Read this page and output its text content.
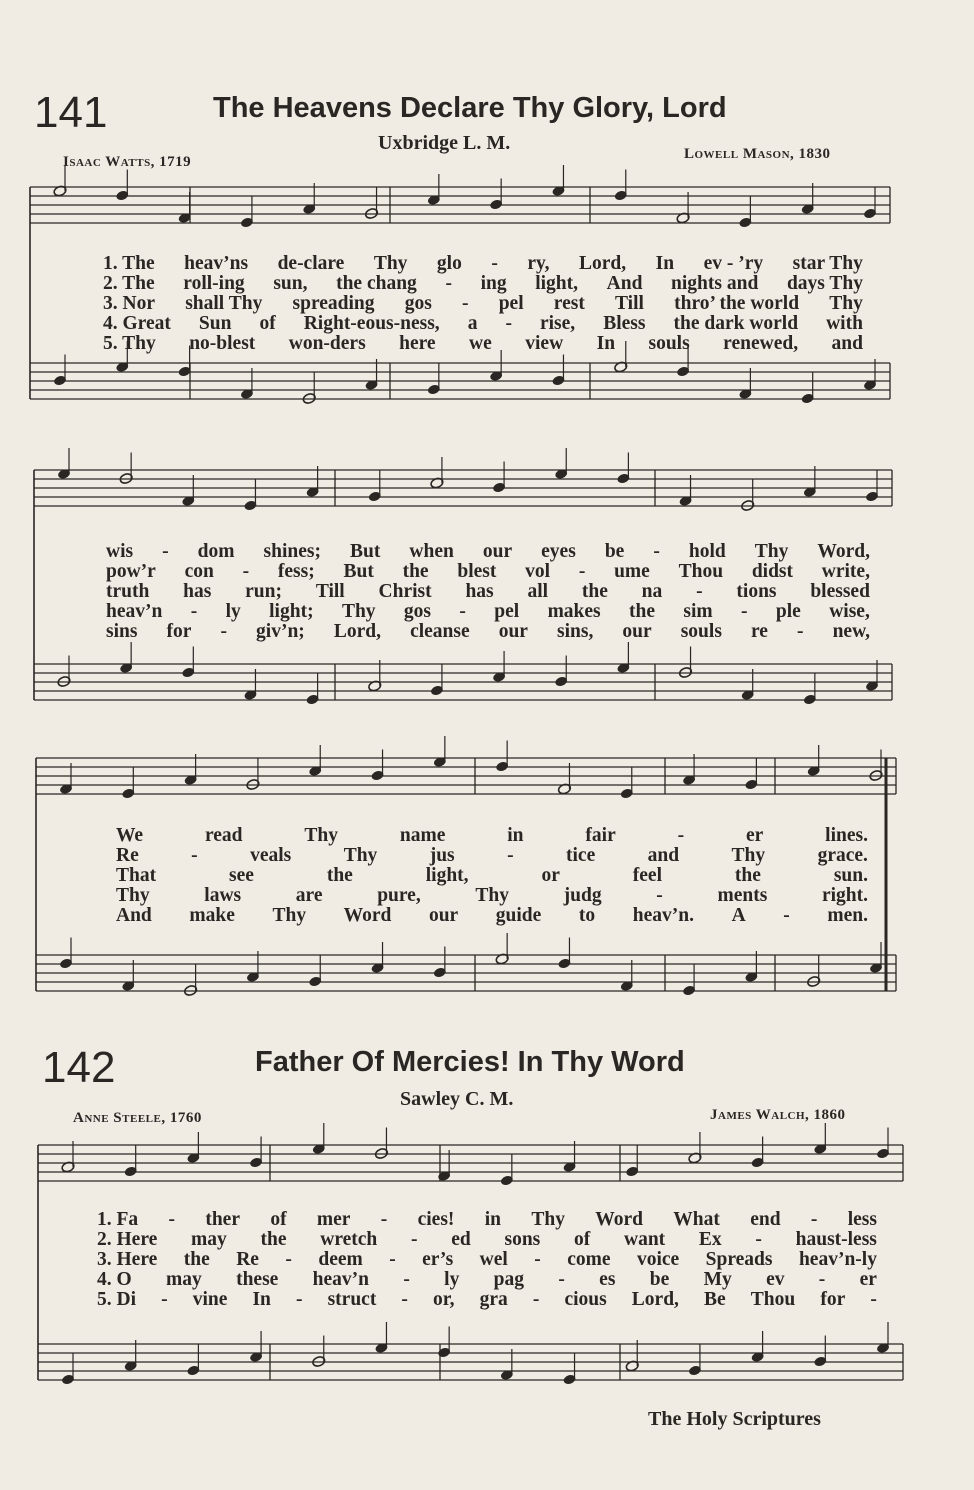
141	The Heavens Declare Thy Glory, Lord
Uxbridge L. M.
Isaac Watts, 1719	Lowell Mason, 1830
1. The heav’ns de-clare Thy glo - ry, Lord, In ev - ’ry star Thy
2. The roll-ing sun, the chang - ing light, And nights and days Thy
3. Nor shall Thy spreading gos - pel rest Till thro’ the world Thy
4. Great Sun of Right-eous-ness, a - rise, Bless the dark world with
5. Thy no-blest won-ders here we view In souls renewed, and
wis - dom shines; But when our eyes be - hold Thy Word,
pow’r con - fess; But the blest vol - ume Thou didst write,
truth has run; Till Christ has all the na - tions blessed
heav’n - ly light; Thy gos - pel makes the sim - ple wise,
sins for - giv’n; Lord, cleanse our sins, our souls re - new,
We	read	Thy	name	in	fair	-	er	lines.
Re	-	veals	Thy	jus	-	tice	and	Thy	grace.
That	see	the	light,	or	feel	the	sun.
Thy	laws	are	pure,	Thy	judg	-	ments	right.
And make Thy Word our guide to heav’n. A - men.
142	Father Of Mercies! In Thy Word
Sawley C. M.
Anne Steele, 1760	James Walch, 1860
1. Fa - ther of mer - cies! in Thy Word What end - less
2. Here may the wretch - ed sons of want Ex - haust-less
3. Here the Re - deem - er’s wel - come voice Spreads heav’n-ly
4. O may these heav’n - ly pag - es be My ev - er
5. Di - vine In - struct - or, gra - cious Lord, Be Thou for -
The Holy Scriptures
